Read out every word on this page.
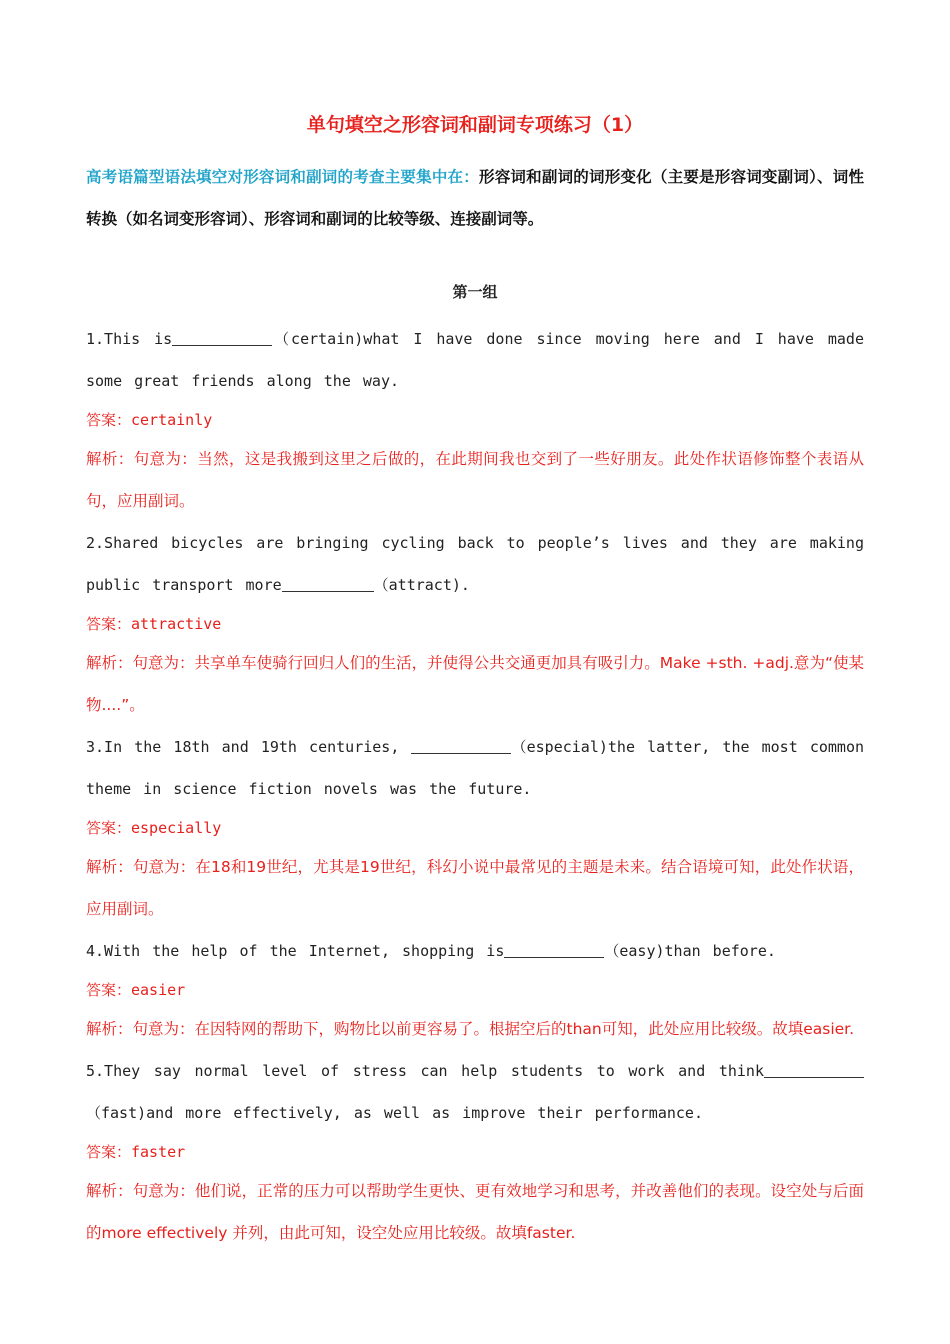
单句填空之形容词和副词专项练习（1）

高考语篇型语法填空对形容词和副词的考查主要集中在：形容词和副词的词形变化（主要是形容词变副词）、词性转换（如名词变形容词）、形容词和副词的比较等级、连接副词等。

第一组

1.This is	（certain)what I have done since moving here and I have made some great friends along the way.

答案：certainly

解析：句意为：当然，这是我搬到这里之后做的，在此期间我也交到了一些好朋友。此处作状语修饰整个表语从句，应用副词。

2.Shared bicycles are bringing cycling back to people’s lives and they are making public transport more	（attract).

答案：attractive

解析：句意为：共享单车使骑行回归人们的生活，并使得公共交通更加具有吸引力。Make +sth. +adj.意为“使某物....”。

3.In the 18th and 19th centuries,	（especial)the latter, the most common theme in science fiction novels was the future.

答案：especially

解析：句意为：在18和19世纪，尤其是19世纪，科幻小说中最常见的主题是未来。结合语境可知，此处作状语，应用副词。

4.With the help of the Internet, shopping is	（easy)than before.

答案：easier

解析：句意为：在因特网的帮助下，购物比以前更容易了。根据空后的than可知，此处应用比较级。故填easier.

5.They say normal level of stress can help students to work and think（fast)and more effectively, as well as improve their performance.

答案：faster

解析：句意为：他们说，正常的压力可以帮助学生更快、更有效地学习和思考，并改善他们的表现。设空处与后面的more effectively 并列，由此可知，设空处应用比较级。故填faster.
